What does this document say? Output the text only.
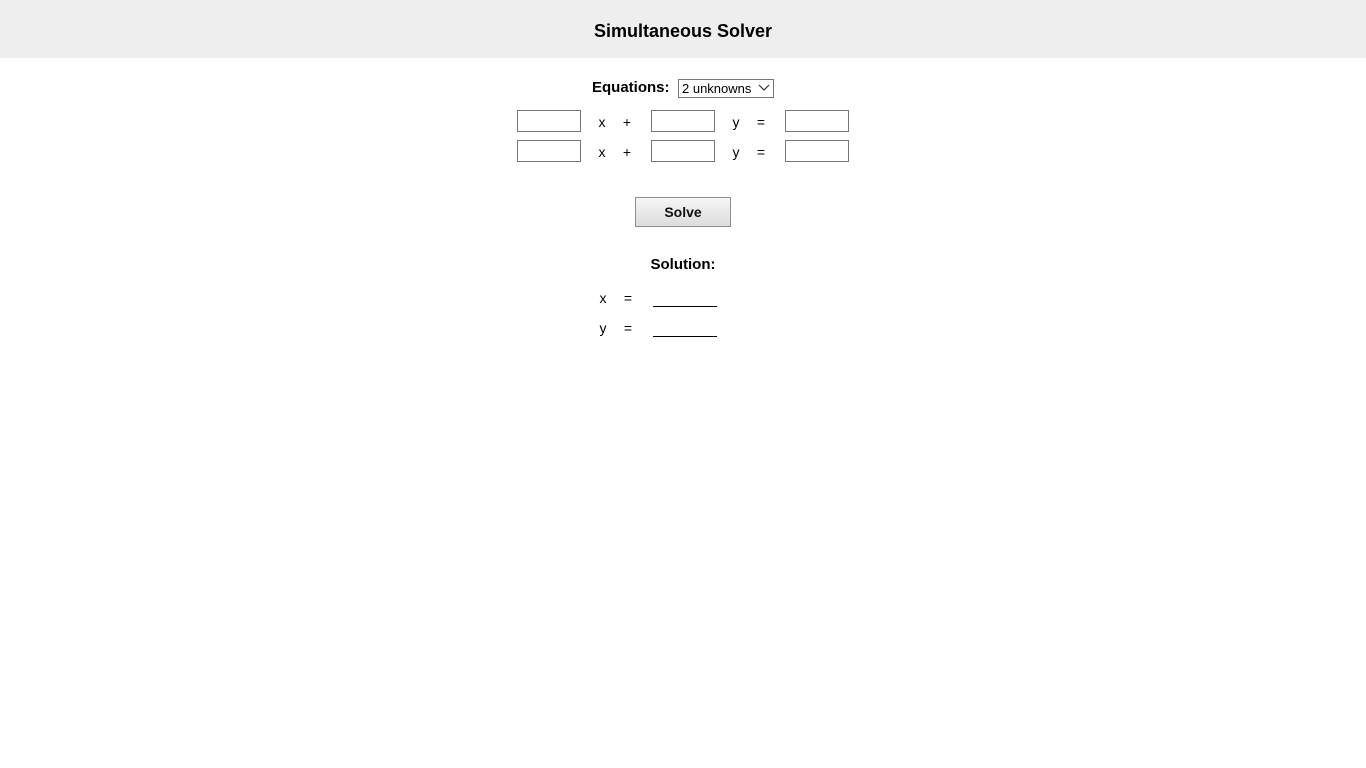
Simultaneous Solver
Equations: 2 unknowns
x +	y =
x +	y =
Solve
Solution:
x =
y =
